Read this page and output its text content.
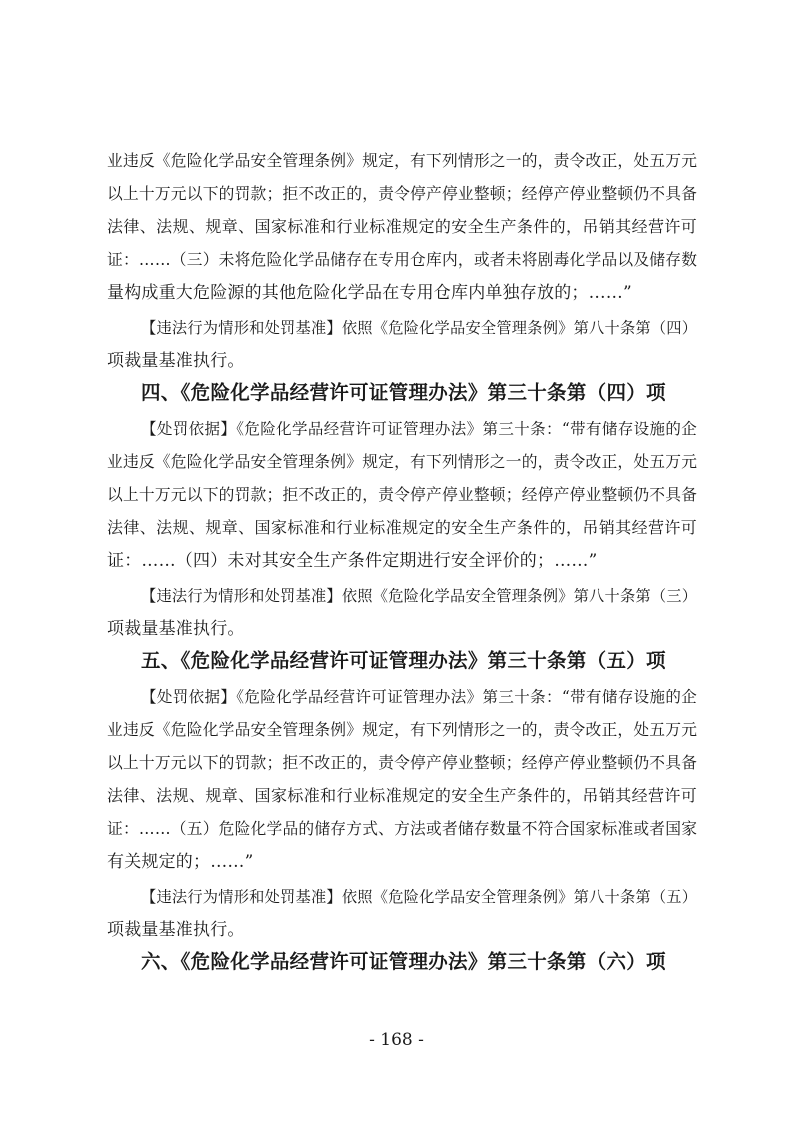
业违反《危险化学品安全管理条例》规定，有下列情形之一的，责令改正，处五万元
以上十万元以下的罚款；拒不改正的，责令停产停业整顿；经停产停业整顿仍不具备
法律、法规、规章、国家标准和行业标准规定的安全生产条件的，吊销其经营许可
证：……（三）未将危险化学品储存在专用仓库内，或者未将剧毒化学品以及储存数
量构成重大危险源的其他危险化学品在专用仓库内单独存放的；……”
【违法行为情形和处罚基准】依照《危险化学品安全管理条例》第八十条第（四）
项裁量基准执行。
四、《危险化学品经营许可证管理办法》第三十条第（四）项
【处罚依据】《危险化学品经营许可证管理办法》第三十条：“带有储存设施的企
业违反《危险化学品安全管理条例》规定，有下列情形之一的，责令改正，处五万元
以上十万元以下的罚款；拒不改正的，责令停产停业整顿；经停产停业整顿仍不具备
法律、法规、规章、国家标准和行业标准规定的安全生产条件的，吊销其经营许可
证：……（四）未对其安全生产条件定期进行安全评价的；……”
【违法行为情形和处罚基准】依照《危险化学品安全管理条例》第八十条第（三）
项裁量基准执行。
五、《危险化学品经营许可证管理办法》第三十条第（五）项
【处罚依据】《危险化学品经营许可证管理办法》第三十条：“带有储存设施的企
业违反《危险化学品安全管理条例》规定，有下列情形之一的，责令改正，处五万元
以上十万元以下的罚款；拒不改正的，责令停产停业整顿；经停产停业整顿仍不具备
法律、法规、规章、国家标准和行业标准规定的安全生产条件的，吊销其经营许可
证：……（五）危险化学品的储存方式、方法或者储存数量不符合国家标准或者国家
有关规定的；……”
【违法行为情形和处罚基准】依照《危险化学品安全管理条例》第八十条第（五）
项裁量基准执行。
六、《危险化学品经营许可证管理办法》第三十条第（六）项
- 168 -
